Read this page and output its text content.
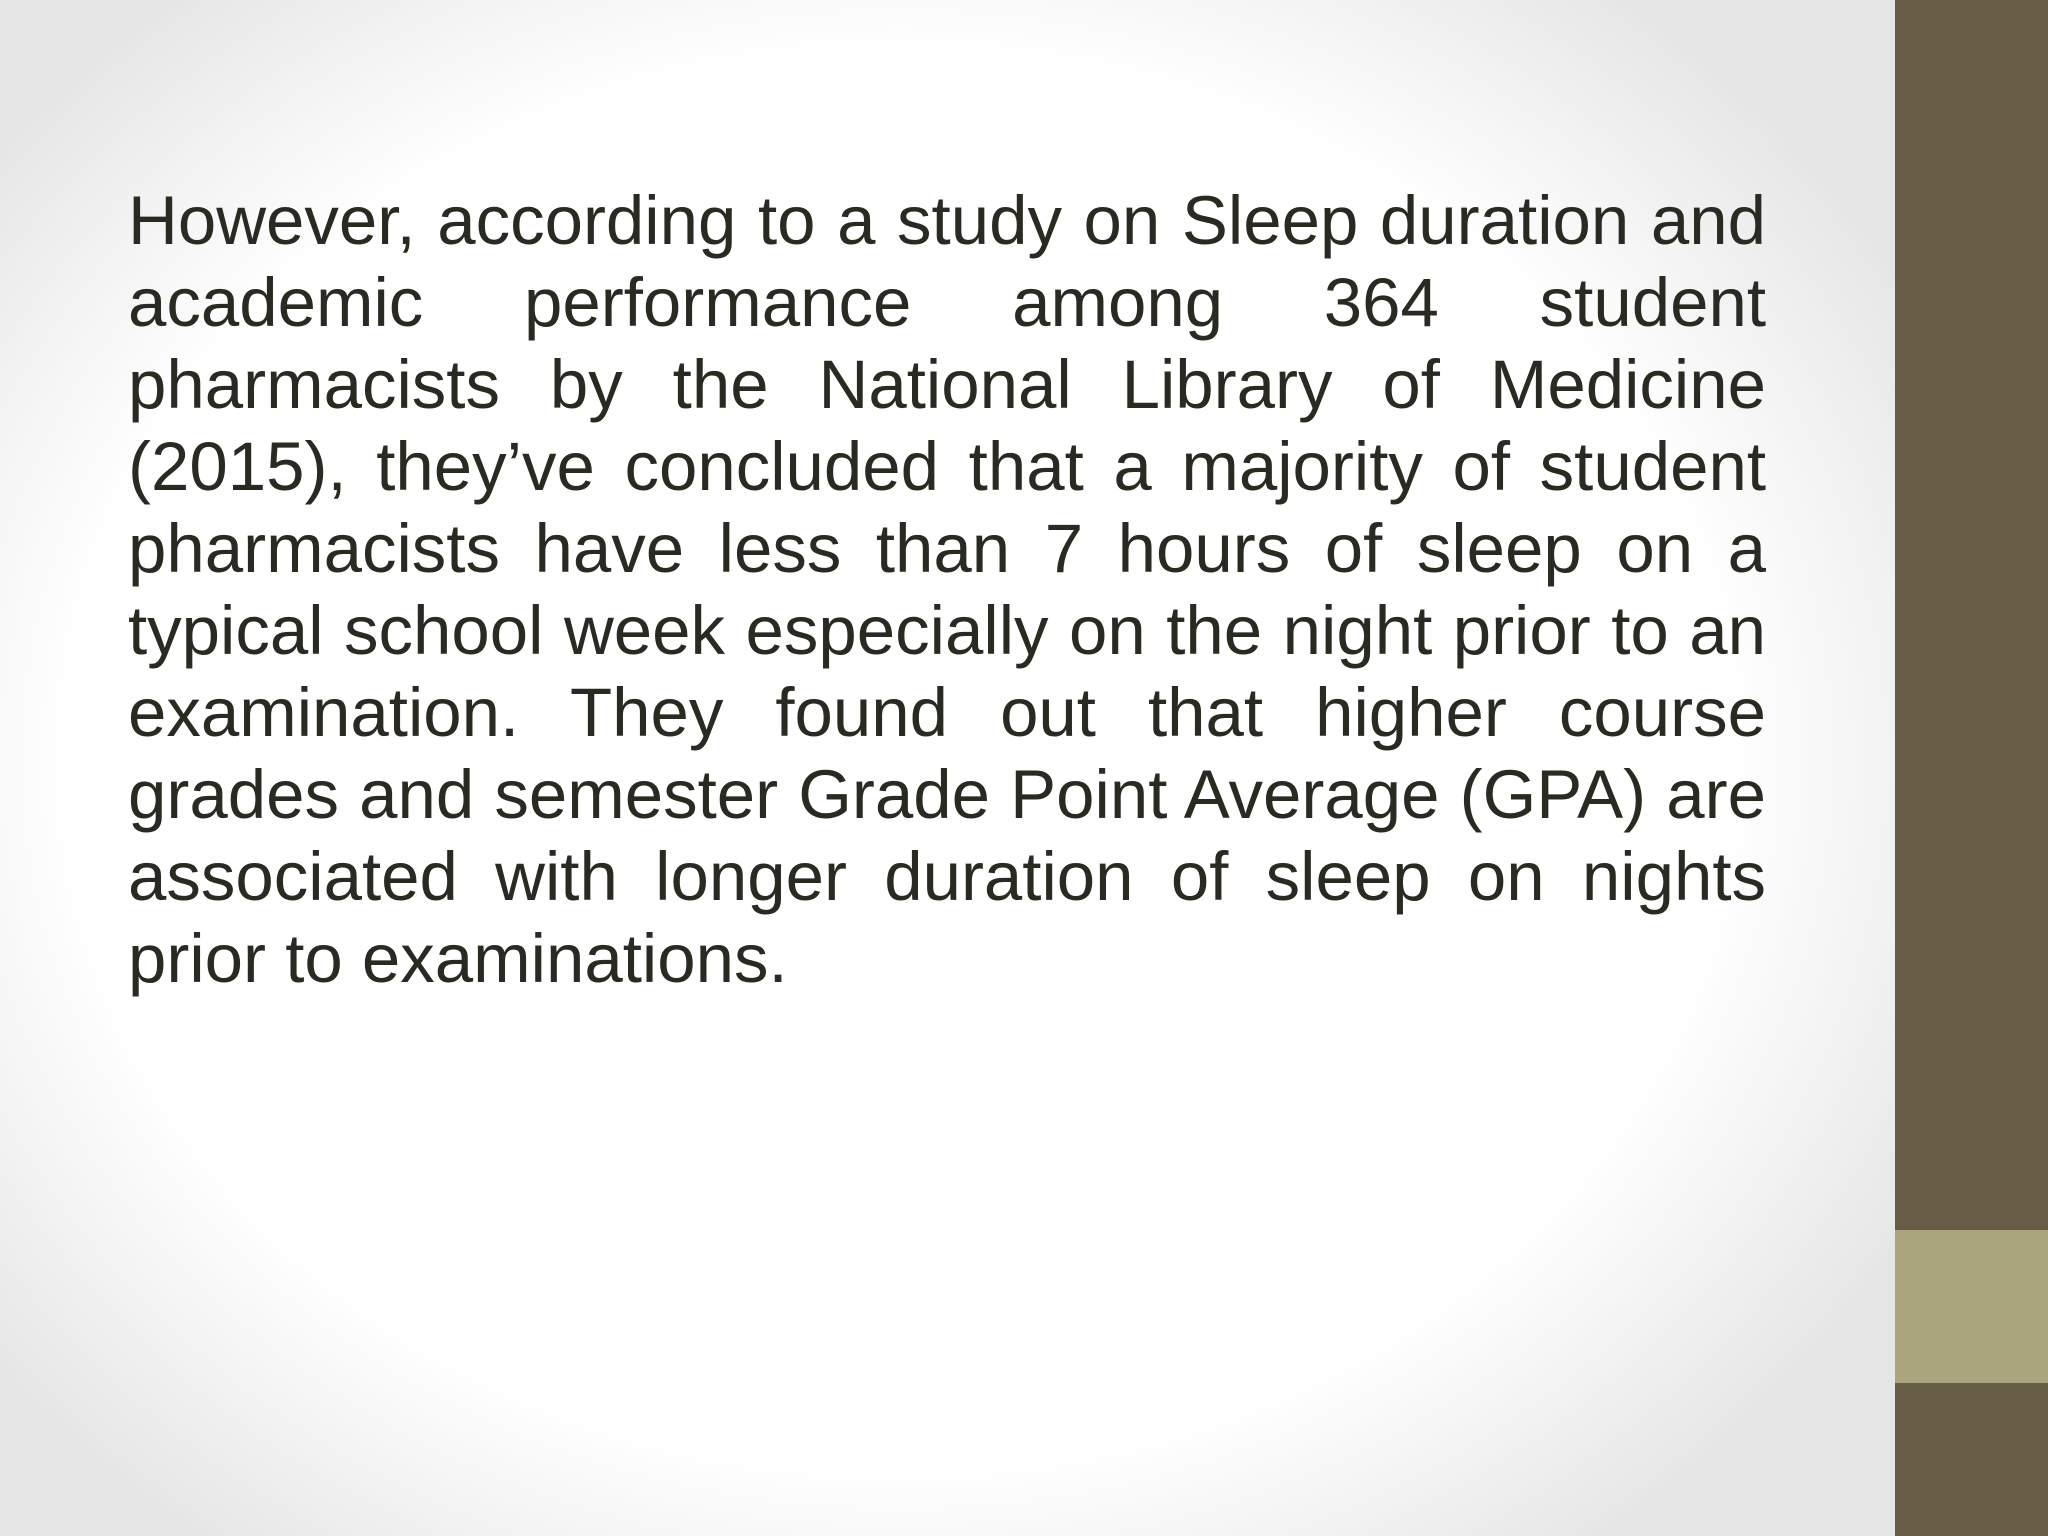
However, according to a study on Sleep duration and academic performance among 364 student pharmacists by the National Library of Medicine (2015), they’ve concluded that a majority of student pharmacists have less than 7 hours of sleep on a typical school week especially on the night prior to an examination. They found out that higher course grades and semester Grade Point Average (GPA) are associated with longer duration of sleep on nights prior to examinations.
